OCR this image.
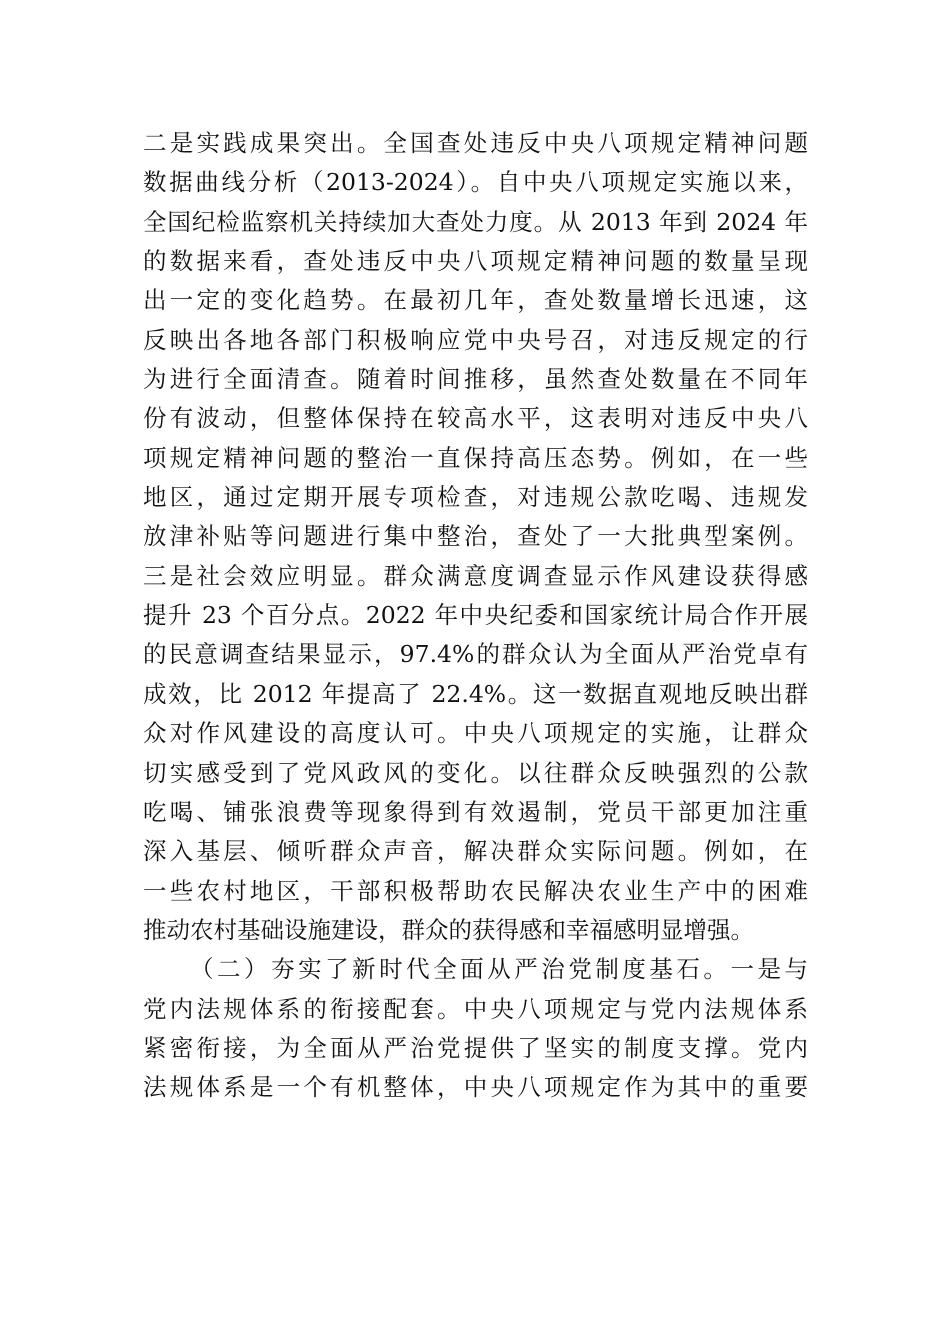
二是实践成果突出。全国查处违反中央八项规定精神问题
数据曲线分析（2013-2024）。自中央八项规定实施以来，
全国纪检监察机关持续加大查处力度。从 2013 年到 2024 年
的数据来看，查处违反中央八项规定精神问题的数量呈现
出一定的变化趋势。在最初几年，查处数量增长迅速，这
反映出各地各部门积极响应党中央号召，对违反规定的行
为进行全面清查。随着时间推移，虽然查处数量在不同年
份有波动，但整体保持在较高水平，这表明对违反中央八
项规定精神问题的整治一直保持高压态势。例如，在一些
地区，通过定期开展专项检查，对违规公款吃喝、违规发
放津补贴等问题进行集中整治，查处了一大批典型案例。
三是社会效应明显。群众满意度调查显示作风建设获得感
提升 23 个百分点。2022 年中央纪委和国家统计局合作开展
的民意调查结果显示，97.4%的群众认为全面从严治党卓有
成效，比 2012 年提高了 22.4%。这一数据直观地反映出群
众对作风建设的高度认可。中央八项规定的实施，让群众
切实感受到了党风政风的变化。以往群众反映强烈的公款
吃喝、铺张浪费等现象得到有效遏制，党员干部更加注重
深入基层、倾听群众声音，解决群众实际问题。例如，在
一些农村地区，干部积极帮助农民解决农业生产中的困难
推动农村基础设施建设，群众的获得感和幸福感明显增强。
（二）夯实了新时代全面从严治党制度基石。一是与
党内法规体系的衔接配套。中央八项规定与党内法规体系
紧密衔接，为全面从严治党提供了坚实的制度支撑。党内
法规体系是一个有机整体，中央八项规定作为其中的重要
